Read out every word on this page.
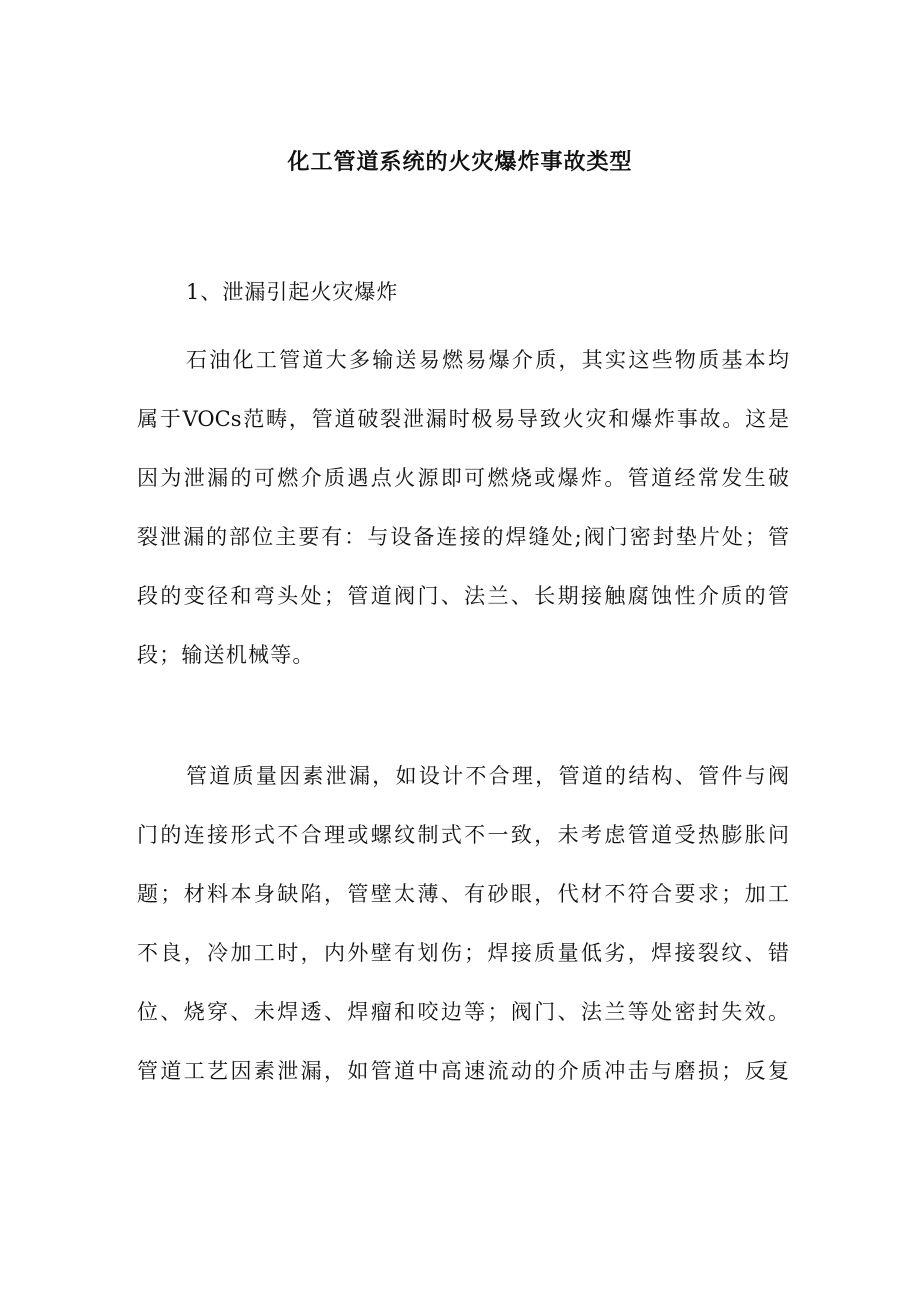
化工管道系统的火灾爆炸事故类型

1、泄漏引起火灾爆炸

石油化工管道大多输送易燃易爆介质，其实这些物质基本均
属于VOCs范畴，管道破裂泄漏时极易导致火灾和爆炸事故。这是
因为泄漏的可燃介质遇点火源即可燃烧或爆炸。管道经常发生破
裂泄漏的部位主要有：与设备连接的焊缝处;阀门密封垫片处；管
段的变径和弯头处；管道阀门、法兰、长期接触腐蚀性介质的管
段；输送机械等。
管道质量因素泄漏，如设计不合理，管道的结构、管件与阀
门的连接形式不合理或螺纹制式不一致，未考虑管道受热膨胀问
题；材料本身缺陷，管壁太薄、有砂眼，代材不符合要求；加工
不良，冷加工时，内外壁有划伤；焊接质量低劣，焊接裂纹、错
位、烧穿、未焊透、焊瘤和咬边等；阀门、法兰等处密封失效。
管道工艺因素泄漏，如管道中高速流动的介质冲击与磨损；反复
